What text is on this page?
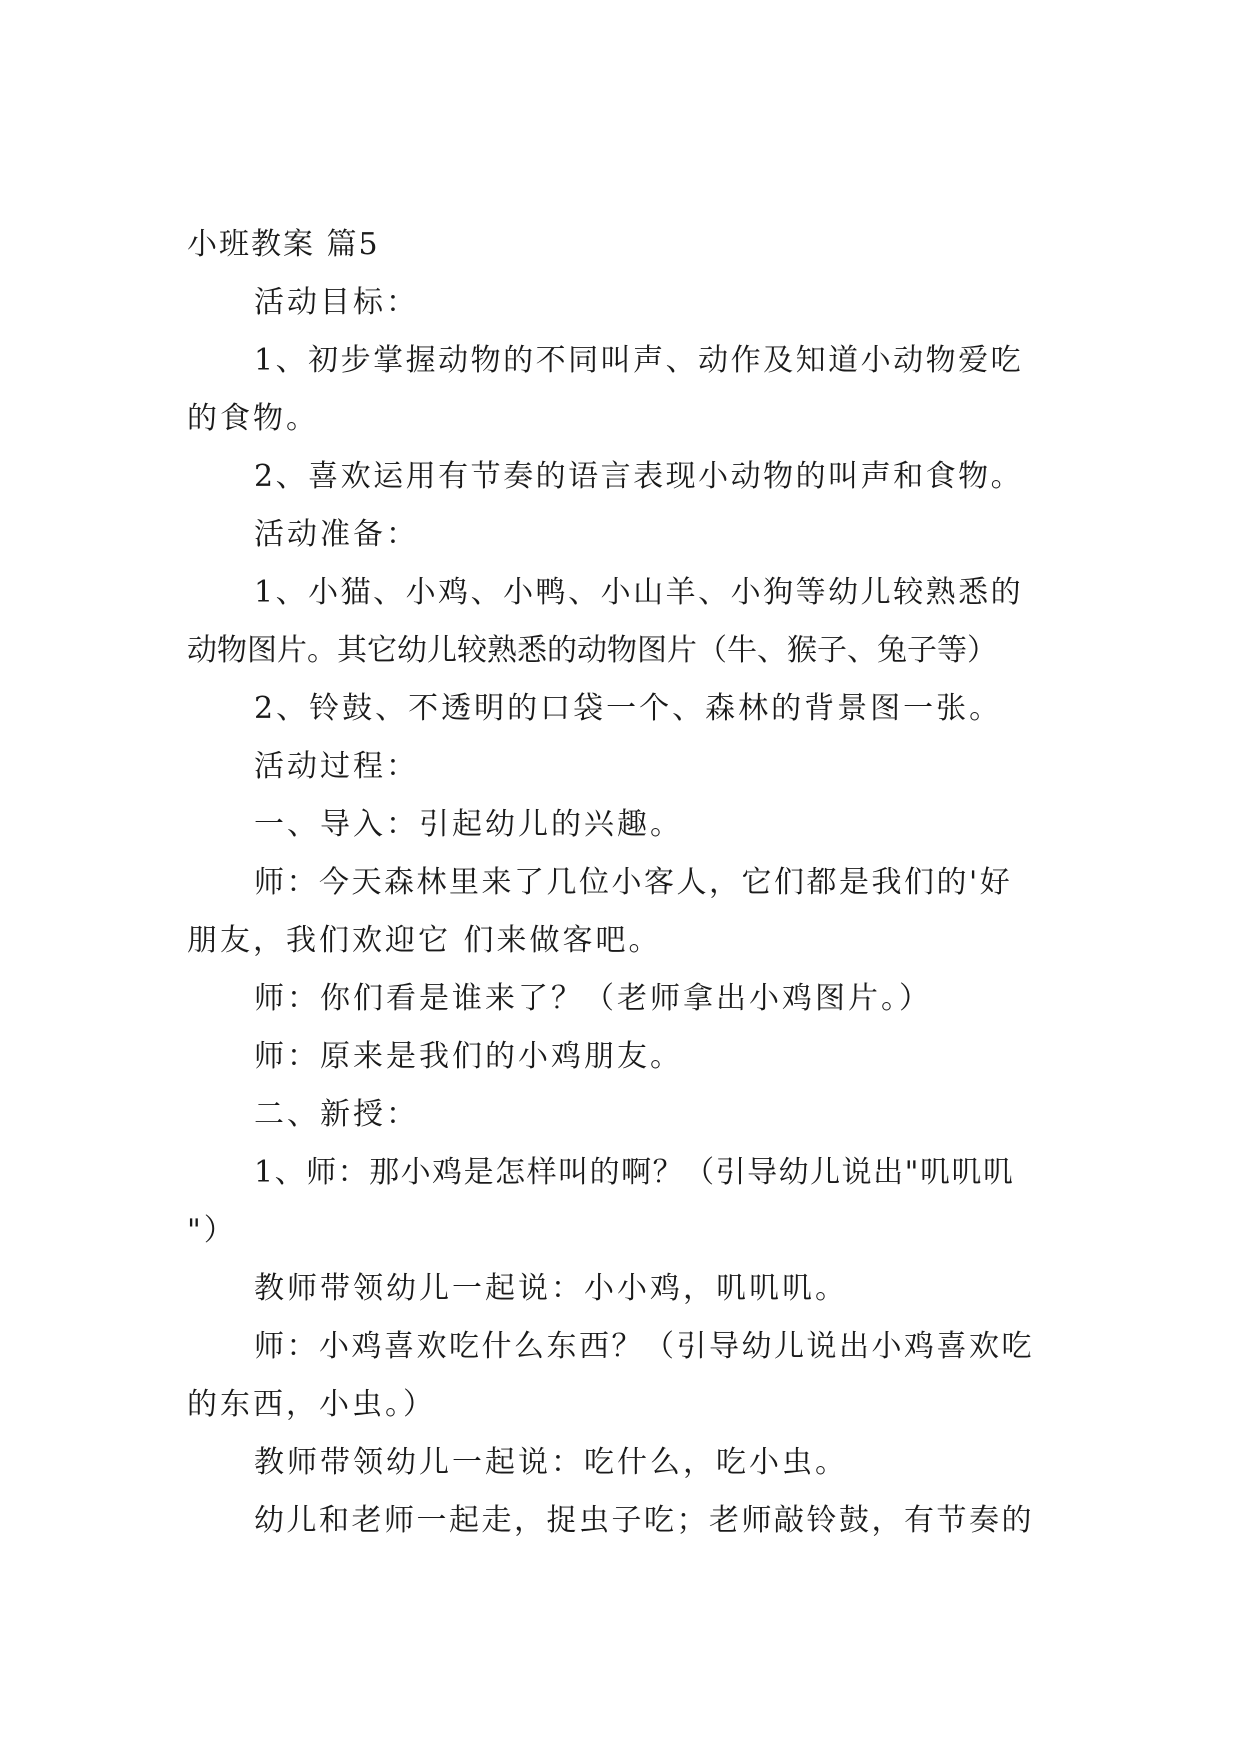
小班教案 篇5
活动目标：
1、初步掌握动物的不同叫声、动作及知道小动物爱吃
的食物。
2、喜欢运用有节奏的语言表现小动物的叫声和食物。
活动准备：
1、小猫、小鸡、小鸭、小山羊、小狗等幼儿较熟悉的
动物图片。其它幼儿较熟悉的动物图片（牛、猴子、兔子等）
2、铃鼓、不透明的口袋一个、森林的背景图一张。
活动过程：
一、导入：引起幼儿的兴趣。
师：今天森林里来了几位小客人，它们都是我们的'好
朋友，我们欢迎它 们来做客吧。
师：你们看是谁来了？（老师拿出小鸡图片。）
师：原来是我们的小鸡朋友。
二、新授：
1、师：那小鸡是怎样叫的啊？（引导幼儿说出"叽叽叽
"）
教师带领幼儿一起说：小小鸡，叽叽叽。
师：小鸡喜欢吃什么东西？（引导幼儿说出小鸡喜欢吃
的东西，小虫。）
教师带领幼儿一起说：吃什么，吃小虫。
幼儿和老师一起走，捉虫子吃；老师敲铃鼓，有节奏的
